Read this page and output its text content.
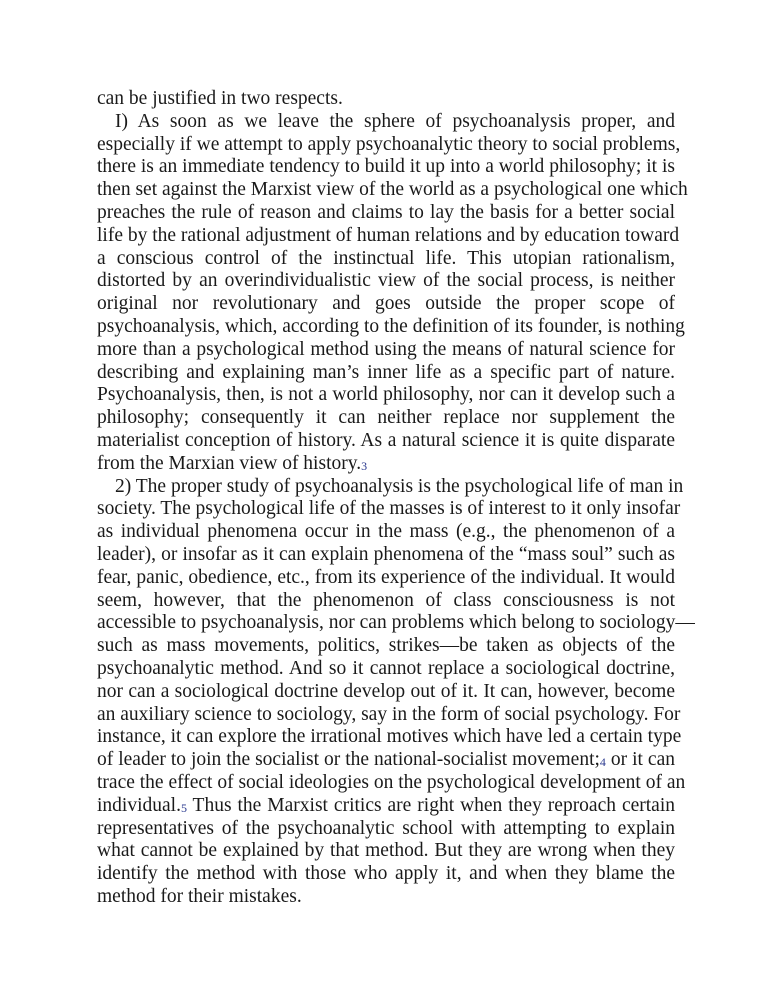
can be justified in two respects.
I) As soon as we leave the sphere of psychoanalysis proper, and
especially if we attempt to apply psychoanalytic theory to social problems,
there is an immediate tendency to build it up into a world philosophy; it is
then set against the Marxist view of the world as a psychological one which
preaches the rule of reason and claims to lay the basis for a better social
life by the rational adjustment of human relations and by education toward
a conscious control of the instinctual life. This utopian rationalism,
distorted by an overindividualistic view of the social process, is neither
original nor revolutionary and goes outside the proper scope of
psychoanalysis, which, according to the definition of its founder, is nothing
more than a psychological method using the means of natural science for
describing and explaining man’s inner life as a specific part of nature.
Psychoanalysis, then, is not a world philosophy, nor can it develop such a
philosophy; consequently it can neither replace nor supplement the
materialist conception of history. As a natural science it is quite disparate
from the Marxian view of history.$^3$
2) The proper study of psychoanalysis is the psychological life of man in
society. The psychological life of the masses is of interest to it only insofar
as individual phenomena occur in the mass (e.g., the phenomenon of a
leader), or insofar as it can explain phenomena of the “mass soul” such as
fear, panic, obedience, etc., from its experience of the individual. It would
seem, however, that the phenomenon of class consciousness is not
accessible to psychoanalysis, nor can problems which belong to sociology—
such as mass movements, politics, strikes—be taken as objects of the
psychoanalytic method. And so it cannot replace a sociological doctrine,
nor can a sociological doctrine develop out of it. It can, however, become
an auxiliary science to sociology, say in the form of social psychology. For
instance, it can explore the irrational motives which have led a certain type
of leader to join the socialist or the national-socialist movement;$^4$ or it can
trace the effect of social ideologies on the psychological development of an
individual.$^5$ Thus the Marxist critics are right when they reproach certain
representatives of the psychoanalytic school with attempting to explain
what cannot be explained by that method. But they are wrong when they
identify the method with those who apply it, and when they blame the
method for their mistakes.
